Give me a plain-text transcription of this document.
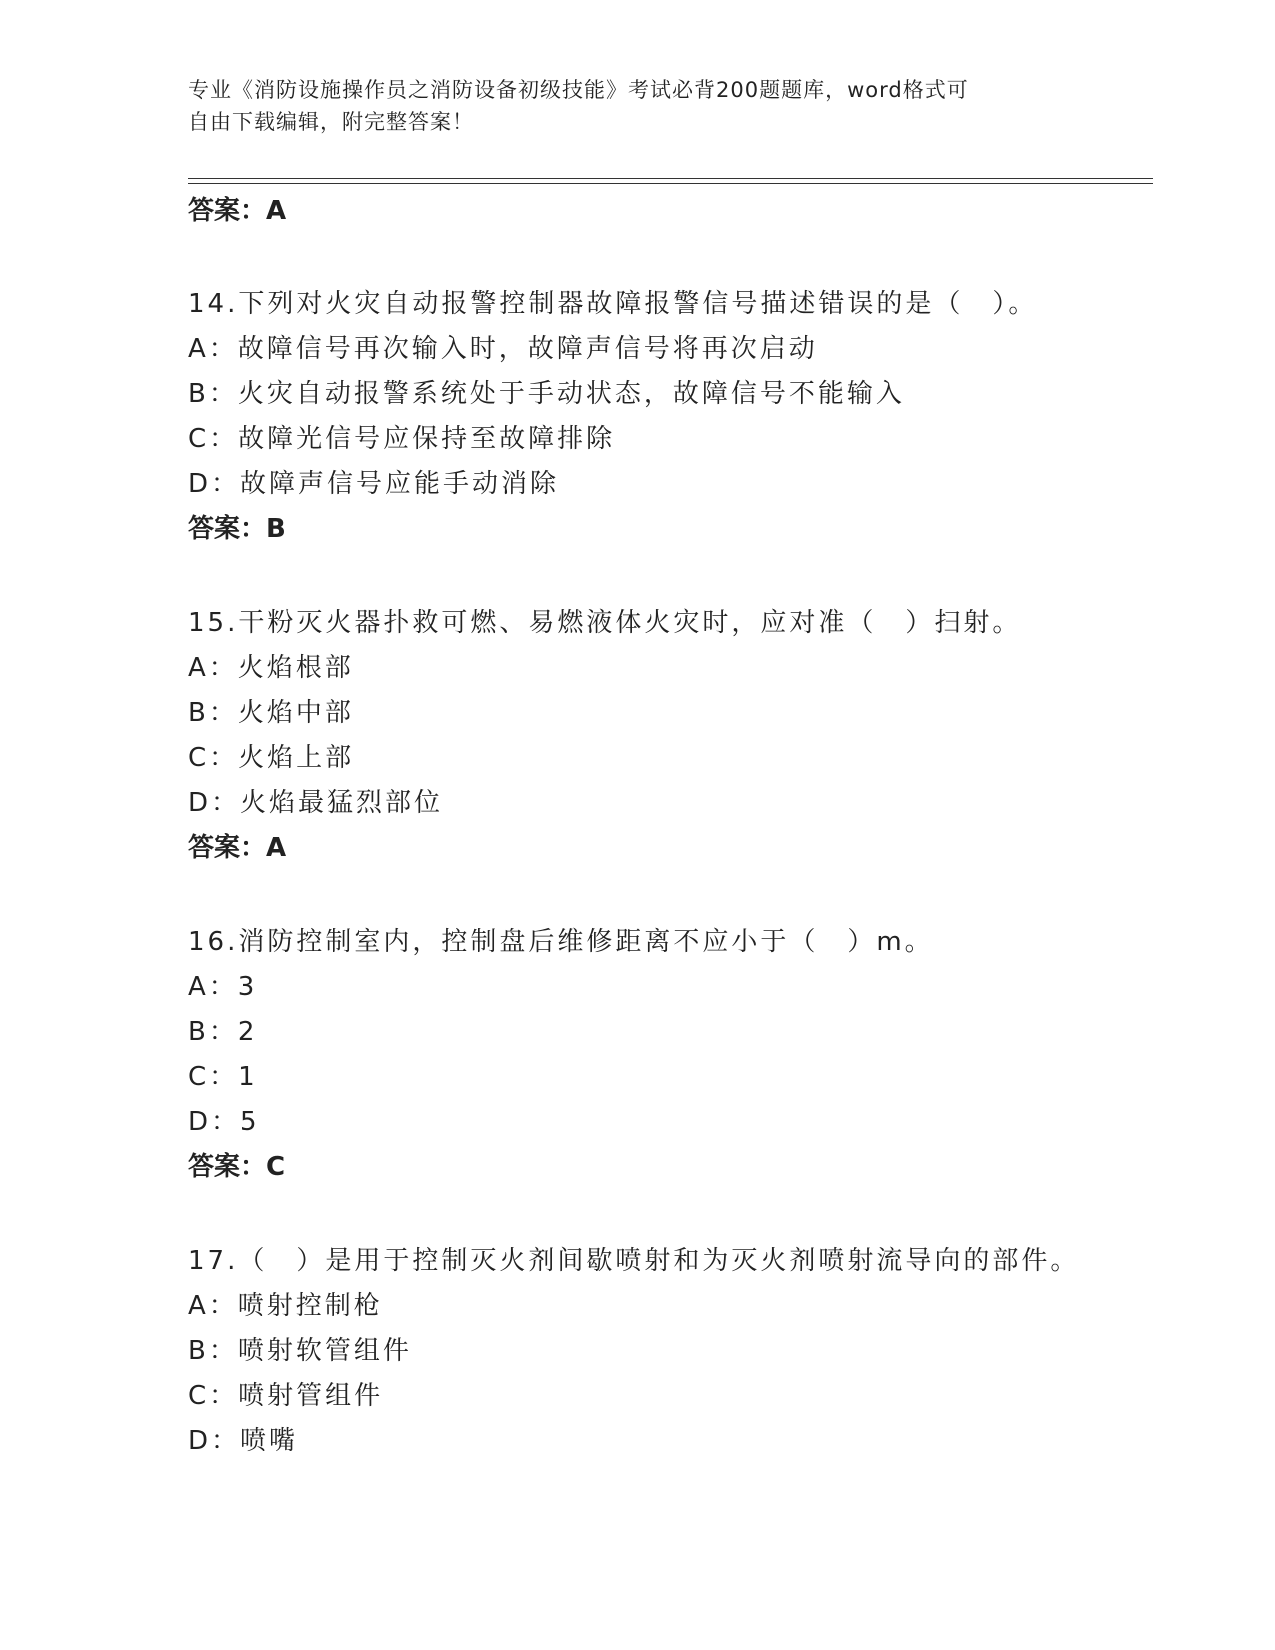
专业《消防设施操作员之消防设备初级技能》考试必背200题题库，word格式可
自由下载编辑，附完整答案！
答案：A
14.下列对火灾自动报警控制器故障报警信号描述错误的是（　）。
A：故障信号再次输入时，故障声信号将再次启动
B：火灾自动报警系统处于手动状态，故障信号不能输入
C：故障光信号应保持至故障排除
D：故障声信号应能手动消除
答案：B
15.干粉灭火器扑救可燃、易燃液体火灾时，应对准（　）扫射。
A：火焰根部
B：火焰中部
C：火焰上部
D：火焰最猛烈部位
答案：A
16.消防控制室内，控制盘后维修距离不应小于（　）m。
A：3
B：2
C：1
D：5
答案：C
17.（　）是用于控制灭火剂间歇喷射和为灭火剂喷射流导向的部件。
A：喷射控制枪
B：喷射软管组件
C：喷射管组件
D：喷嘴
